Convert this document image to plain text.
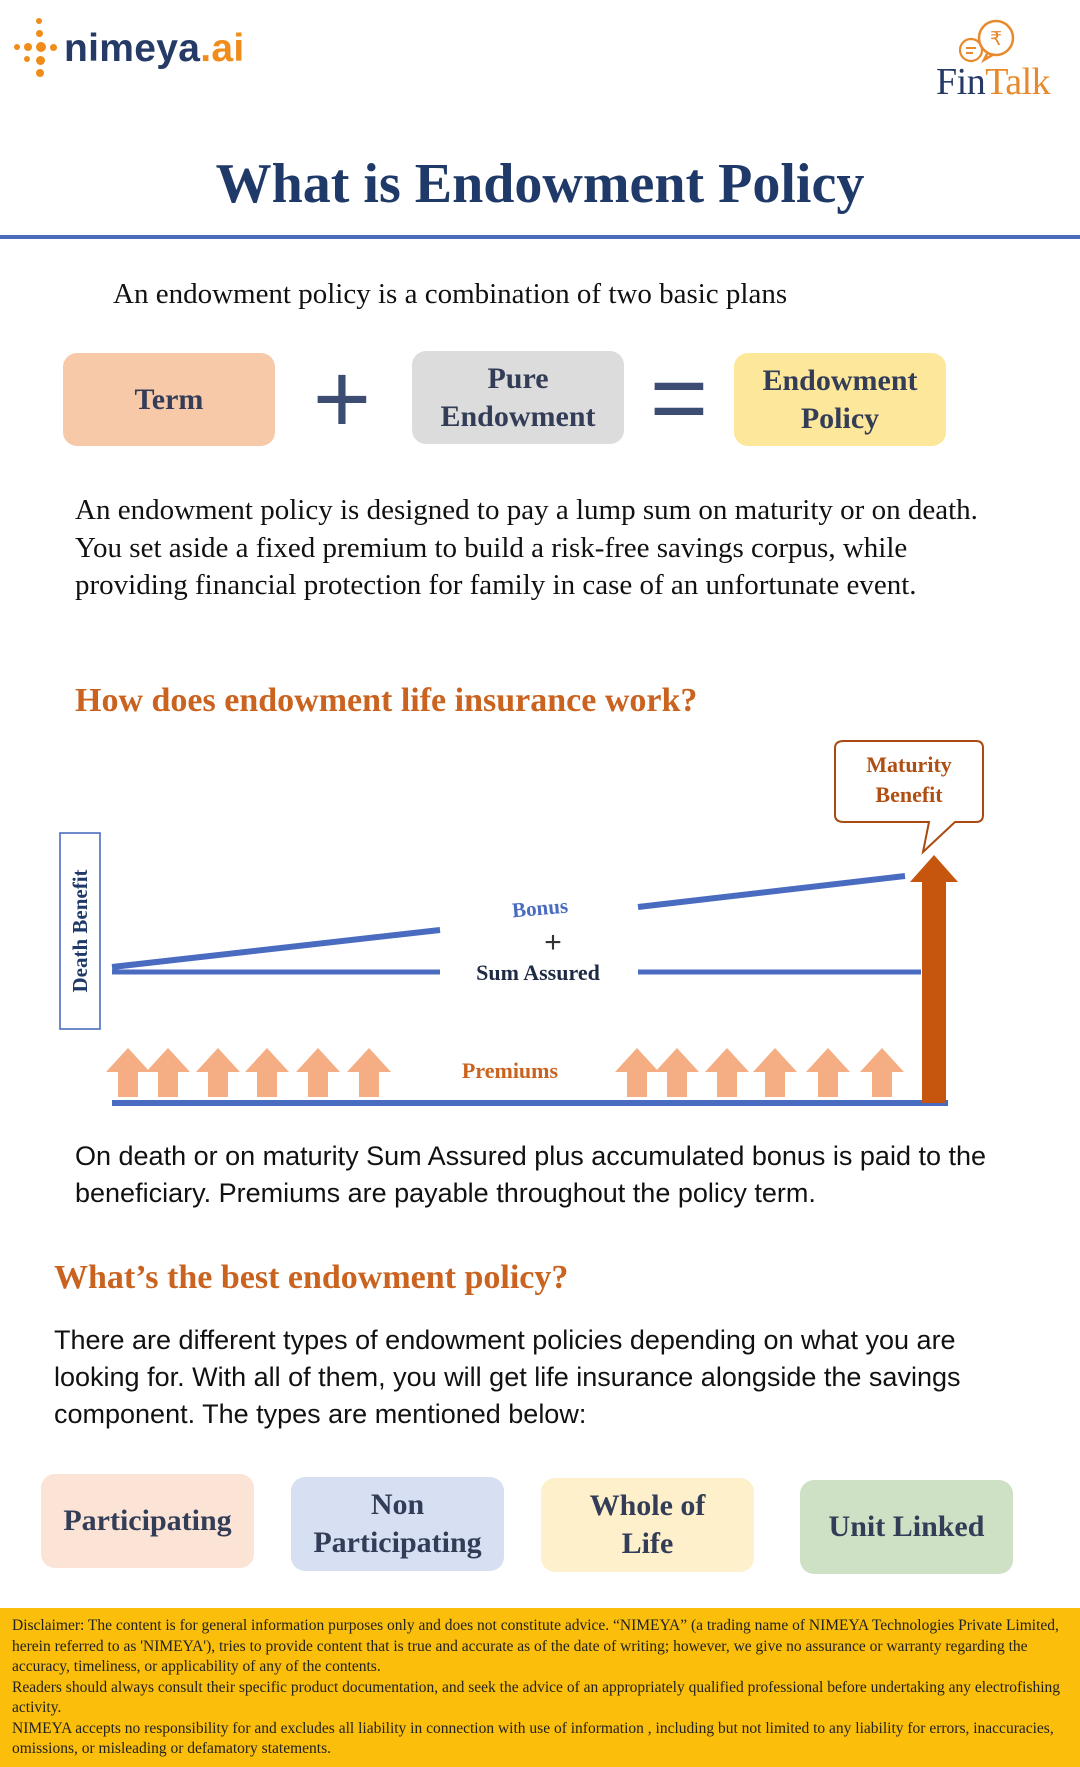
nimeya.ai	₹
FinTalk
What is Endowment Policy
An endowment policy is a combination of two basic plans
Term	+	Pure Endowment =	Endowment Policy
An endowment policy is designed to pay a lump sum on maturity or on death. You set aside a fixed premium to build a risk-free savings corpus, while providing financial protection for family in case of an unfortunate event.
How does endowment life insurance work?
Maturity Benefit
Death Benefit	Bonus
+
Sum Assured
Premiums
On death or on maturity Sum Assured plus accumulated bonus is paid to the beneficiary. Premiums are payable throughout the policy term.
What’s the best endowment policy?
There are different types of endowment policies depending on what you are looking for. With all of them, you will get life insurance alongside the savings component. The types are mentioned below:
Participating	Non Participating
Whole of Life
Unit Linked
Disclaimer: The content is for general information purposes only and does not constitute advice. “NIMEYA” (a trading name of NIMEYA Technologies Private Limited, herein referred to as 'NIMEYA'), tries to provide content that is true and accurate as of the date of writing; however, we give no assurance or warranty regarding the accuracy, timeliness, or applicability of any of the contents.
Readers should always consult their specific product documentation, and seek the advice of an appropriately qualified professional before undertaking any electrofishing activity.
NIMEYA accepts no responsibility for and excludes all liability in connection with use of information , including but not limited to any liability for errors, inaccuracies, omissions, or misleading or defamatory statements.
